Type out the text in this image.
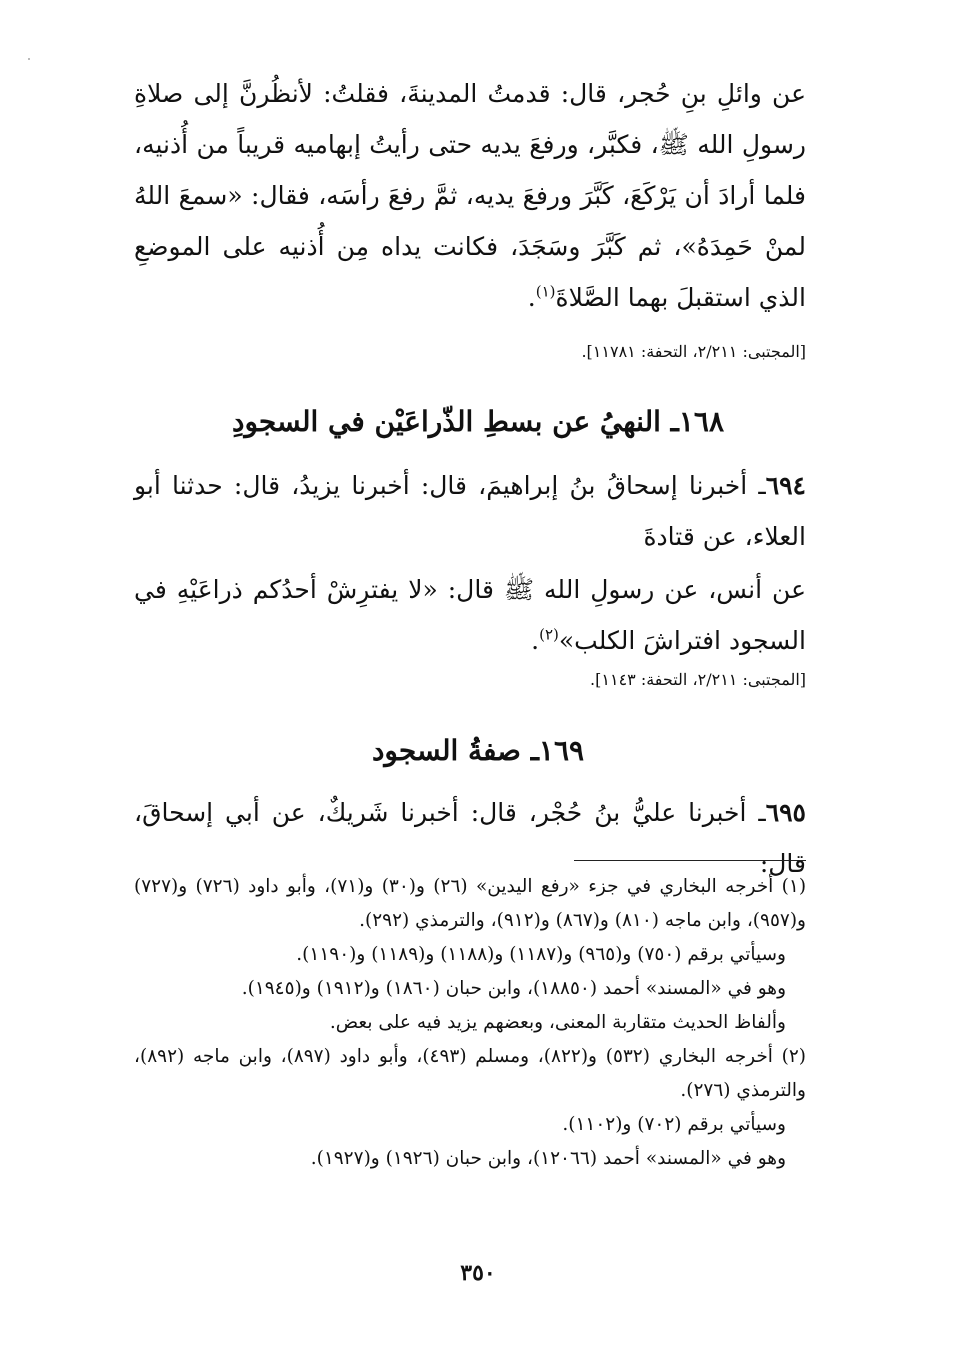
عن وائلِ بنِ حُجر، قال: قدمتُ المدينةَ، فقلتُ: لأنظُرنَّ إلى صلاةِ رسولِ الله ﷺ، فكبَّر، ورفعَ يديه حتى رأيتُ إبهاميه قريباً من أُذنيه، فلما أرادَ أن يَرْكَعَ، كَبَّرَ ورفعَ يديه، ثمَّ رفعَ رأسَه، فقال: «سمعَ اللهُ لمنْ حَمِدَهُ»، ثم كَبَّرَ وسَجَدَ، فكانت يداه مِن أُذنيه على الموضعِ الذي استقبلَ بهما الصَّلاةَ$^{(١)}$.
[المجتبى: ٢/٢١١، التحفة: ١١٧٨١].
١٦٨ـ النهيُ عن بسطِ الذّراعَيْن في السجودِ
٦٩٤ـ أخبرنا إسحاقُ بنُ إبراهيمَ، قال: أخبرنا يزيدُ، قال: حدثنا أبو العلاء، عن قتادةَ
عن أنس، عن رسولِ الله ﷺ قال: «لا يفترِشْ أحدُكم ذراعَيْهِ في السجود افتراشَ الكلب»$^{(٢)}$.
[المجتبى: ٢/٢١١، التحفة: ١١٤٣].
١٦٩ـ صفةُ السجود
٦٩٥ـ أخبرنا عليُّ بنُ حُجْر، قال: أخبرنا شَريكٌ، عن أبي إسحاقَ، قال:

(١) أخرجه البخاري في جزء «رفع اليدين» (٢٦) و(٣٠) و(٧١)، وأبو داود (٧٢٦) و(٧٢٧) و(٩٥٧)، وابن ماجه (٨١٠) و(٨٦٧) و(٩١٢)، والترمذي (٢٩٢).

وسيأتي برقم (٧٥٠) و(٩٦٥) و(١١٨٧) و(١١٨٨) و(١١٨٩) و(١١٩٠).

وهو في «المسند» أحمد (١٨٨٥٠)، وابن حبان (١٨٦٠) و(١٩١٢) و(١٩٤٥).

وألفاظ الحديث متقاربة المعنى، وبعضهم يزيد فيه على بعض.

(٢) أخرجه البخاري (٥٣٢) و(٨٢٢)، ومسلم (٤٩٣)، وأبو داود (٨٩٧)، وابن ماجه (٨٩٢)، والترمذي (٢٧٦).

وسيأتي برقم (٧٠٢) و(١١٠٢).

وهو في «المسند» أحمد (١٢٠٦٦)، وابن حبان (١٩٢٦) و(١٩٢٧).

٣٥٠
